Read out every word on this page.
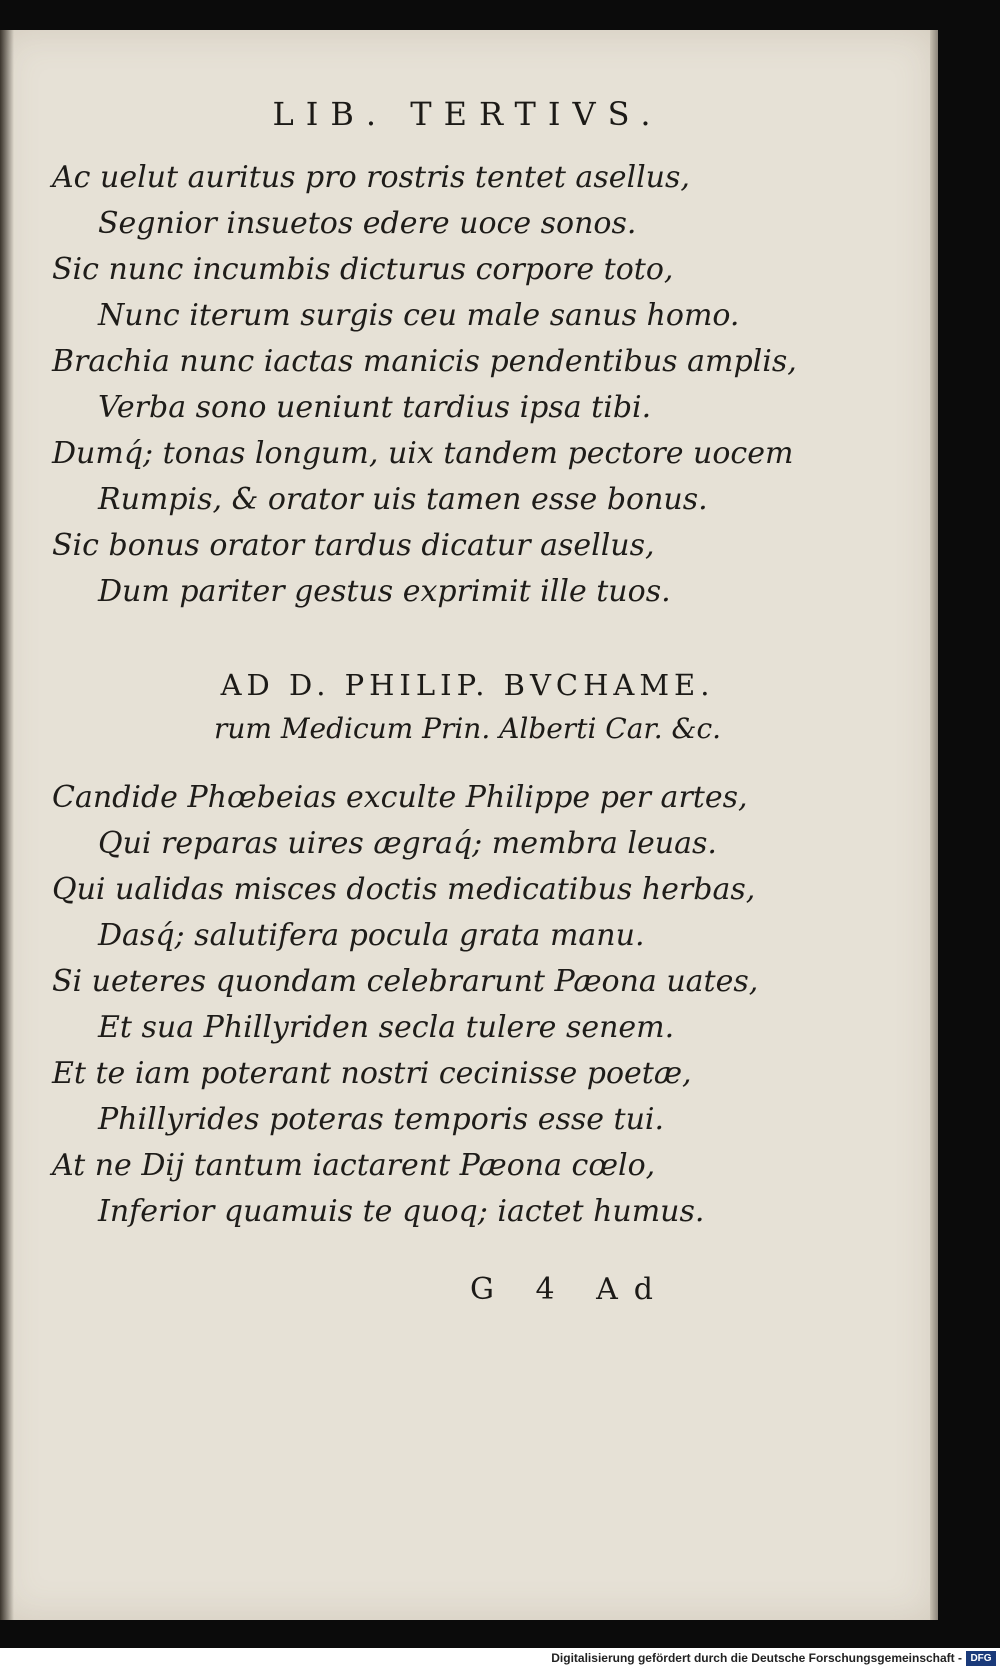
LIB. TERTIVS.
Ac uelut auritus pro rostris tentet asellus,
Segnior insuetos edere uoce sonos.
Sic nunc incumbis dicturus corpore toto,
Nunc iterum surgis ceu male sanus homo.
Brachia nunc iactas manicis pendentibus amplis,
Verba sono ueniunt tardius ipsa tibi.
Dumq́; tonas longum, uix tandem pectore uocem
Rumpis, & orator uis tamen esse bonus.
Sic bonus orator tardus dicatur asellus,
Dum pariter gestus exprimit ille tuos.
AD D. PHILIP. BVCHAME.
rum Medicum Prin. Alberti Car. &c.
Candide Phœbeias exculte Philippe per artes,
Qui reparas uires ægraq́; membra leuas.
Qui ualidas misces doctis medicatibus herbas,
Dasq́; salutifera pocula grata manu.
Si ueteres quondam celebrarunt Pæona uates,
Et sua Phillyriden secla tulere senem.
Et te iam poterant nostri cecinisse poetæ,
Phillyrides poteras temporis esse tui.
At ne Dij tantum iactarent Pæona cœlo,
Inferior quamuis te quoq; iactet humus.
G 4 Ad
Digitalisierung gefördert durch die Deutsche Forschungsgemeinschaft - DFG
